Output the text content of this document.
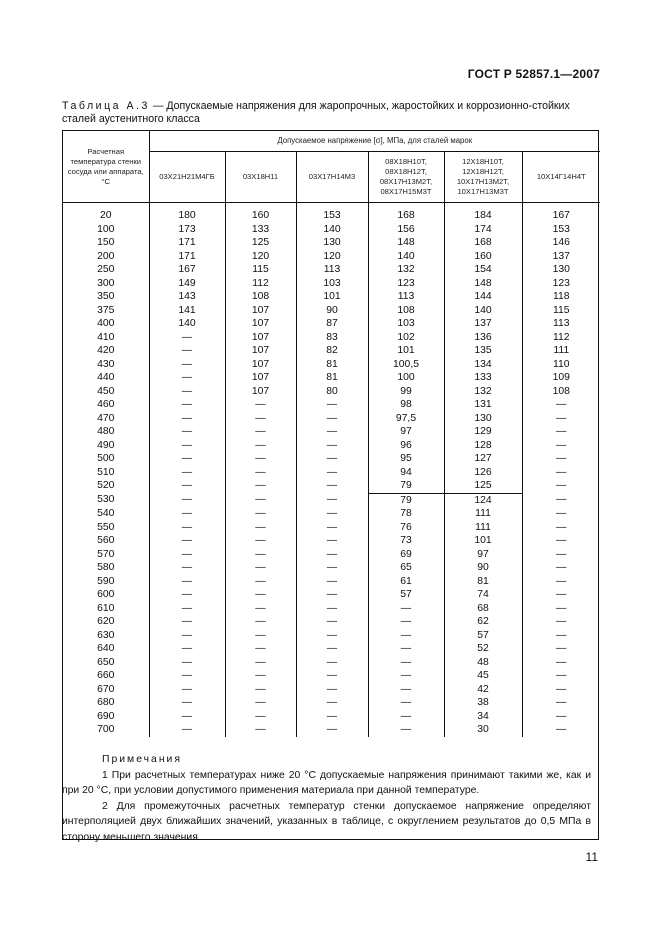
ГОСТ Р 52857.1—2007
Таблица А.3 — Допускаемые напряжения для жаропрочных, жаростойких и коррозионно-стойких сталей аустенитного класса
Расчетная температура стенки сосуда или аппарата, °С	Допускаемое напряжение [σ], МПа, для сталей марок					
	03Х21Н21М4ГБ	03Х18Н11	03Х17Н14М3	08Х18Н10Т, 08Х18Н12Т, 08Х17Н13М2Т, 08Х17Н15М3Т	12Х18Н10Т, 12Х18Н12Т, 10Х17Н13М2Т, 10Х17Н13М3Т	10Х14Г14Н4Т

20	180	160	153	168	184	167
100	173	133	140	156	174	153
150	171	125	130	148	168	146
200	171	120	120	140	160	137
250	167	115	113	132	154	130
300	149	112	103	123	148	123
350	143	108	101	113	144	118
375	141	107	90	108	140	115
400	140	107	87	103	137	113
410	—	107	83	102	136	112
420	—	107	82	101	135	111
430	—	107	81	100,5	134	110
440	—	107	81	100	133	109
450	—	107	80	99	132	108
460	—	—	—	98	131	—
470	—	—	—	97,5	130	—
480	—	—	—	97	129	—
490	—	—	—	96	128	—
500	—	—	—	95	127	—
510	—	—	—	94	126	—
520	—	—	—	79	125	—
530	—	—	—	79	124	—
540	—	—	—	78	111	—
550	—	—	—	76	111	—
560	—	—	—	73	101	—
570	—	—	—	69	97	—
580	—	—	—	65	90	—
590	—	—	—	61	81	—
600	—	—	—	57	74	—
610	—	—	—	—	68	—
620	—	—	—	—	62	—
630	—	—	—	—	57	—
640	—	—	—	—	52	—
650	—	—	—	—	48	—
660	—	—	—	—	45	—
670	—	—	—	—	42	—
680	—	—	—	—	38	—
690	—	—	—	—	34	—
700	—	—	—	—	30	—
Примечания

1 При расчетных температурах ниже 20 °С допускаемые напряжения принимают такими же, как и при 20 °С, при условии допустимого применения материала при данной температуре.

2 Для промежуточных расчетных температур стенки допускаемое напряжение определяют интерполяцией двух ближайших значений, указанных в таблице, с округлением результатов до 0,5 МПа в сторону меньшего значения.

11
